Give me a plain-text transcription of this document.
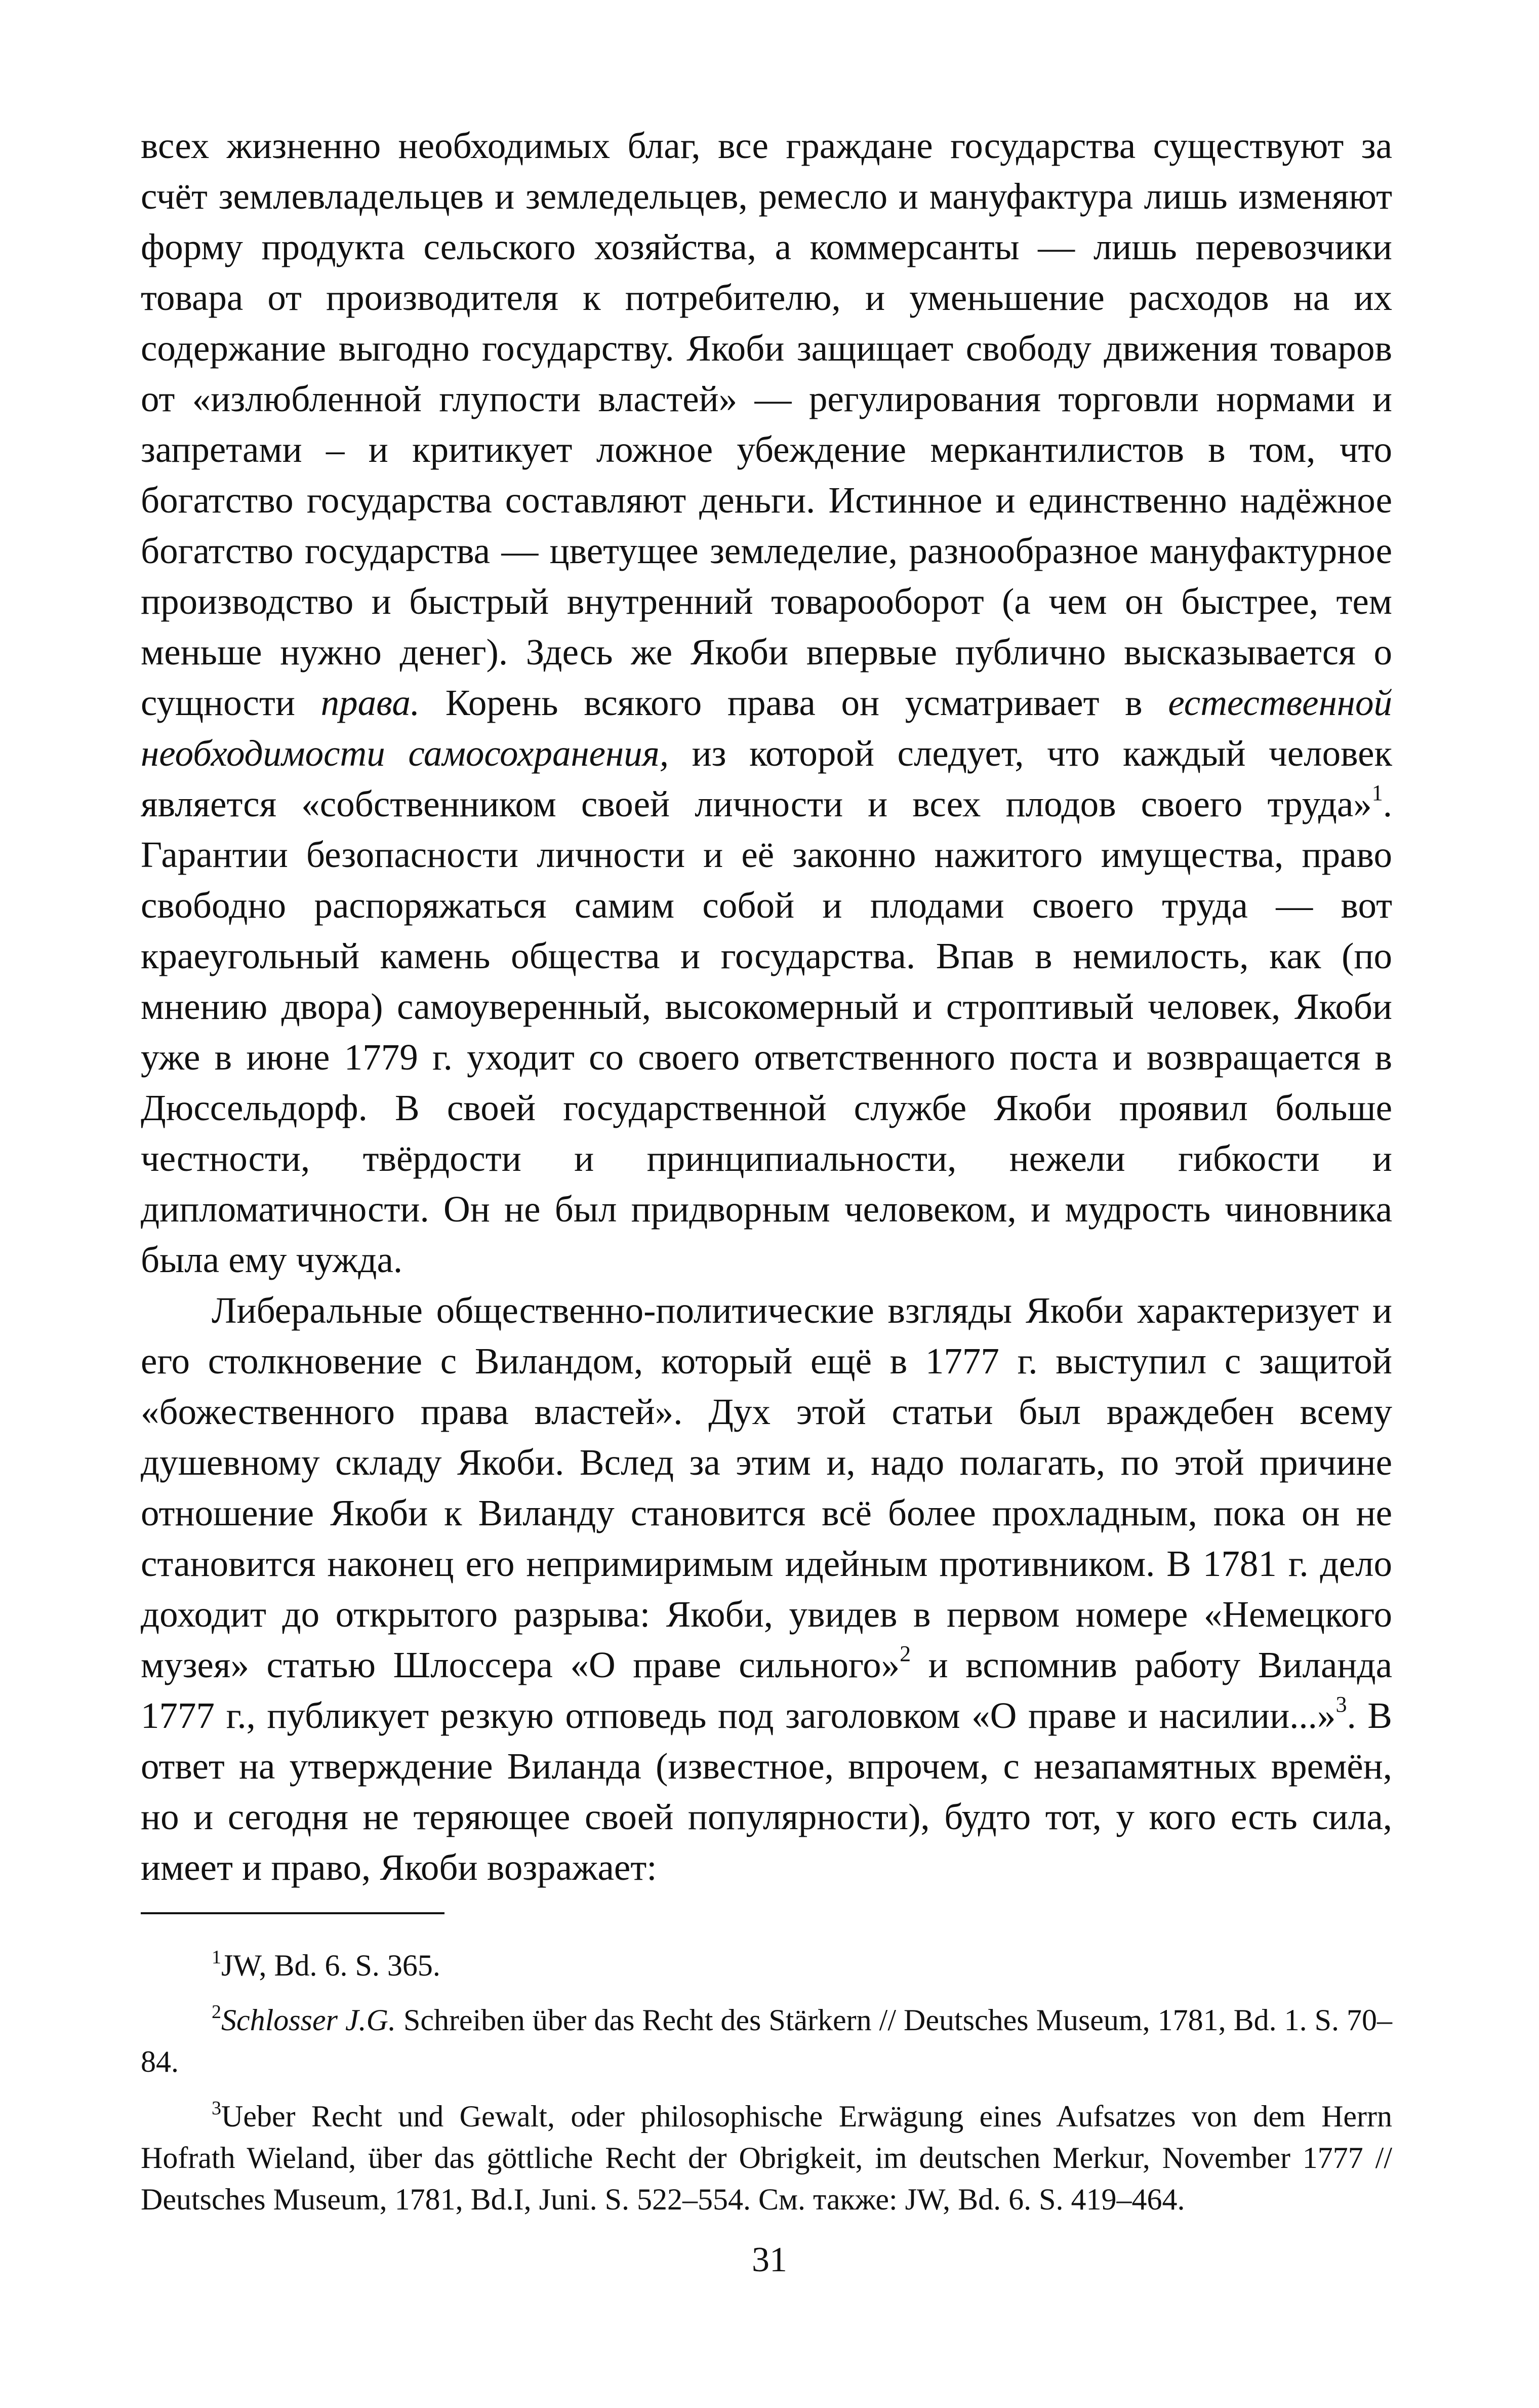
всех жизненно необходимых благ, все граждане государства существуют за счёт землевладельцев и земледельцев, ремесло и мануфактура лишь изменяют форму продукта сельского хозяйства, а коммерсанты — лишь перевозчики товара от производителя к потребителю, и уменьшение расходов на их содержание выгодно государству. Якоби защищает свободу движения товаров от «излюбленной глупости властей» — регулирования торговли нормами и запретами – и критикует ложное убеждение меркантилистов в том, что богатство государства составляют деньги. Истинное и единственно надёжное богатство государства — цветущее земледелие, разнообразное мануфактурное производство и быстрый внутренний товарооборот (а чем он быстрее, тем меньше нужно денег). Здесь же Якоби впервые публично высказывается о сущности права. Корень всякого права он усматривает в естественной необходимости самосохранения, из которой следует, что каждый человек является «собственником своей личности и всех плодов своего труда»$^1$. Гарантии безопасности личности и её законно нажитого имущества, право свободно распоряжаться самим собой и плодами своего труда — вот краеугольный камень общества и государства. Впав в немилость, как (по мнению двора) самоуверенный, высокомерный и строптивый человек, Якоби уже в июне 1779 г. уходит со своего ответственного поста и возвращается в Дюссельдорф. В своей государственной службе Якоби проявил больше честности, твёрдости и принципиальности, нежели гибкости и дипломатичности. Он не был придворным человеком, и мудрость чиновника была ему чужда.

Либеральные общественно-политические взгляды Якоби характеризует и его столкновение с Виландом, который ещё в 1777 г. выступил с защитой «божественного права властей». Дух этой статьи был враждебен всему душевному складу Якоби. Вслед за этим и, надо полагать, по этой причине отношение Якоби к Виланду становится всё более прохладным, пока он не становится наконец его непримиримым идейным противником. В 1781 г. дело доходит до открытого разрыва: Якоби, увидев в первом номере «Немецкого музея» статью Шлоссера «О праве сильного»$^2$ и вспомнив работу Виланда 1777 г., публикует резкую отповедь под заголовком «О праве и насилии...»$^3$. В ответ на утверждение Виланда (известное, впрочем, с незапамятных времён, но и сегодня не теряющее своей популярности), будто тот, у кого есть сила, имеет и право, Якоби возражает:

$^1$JW, Bd. 6. S. 365.

$^2$Schlosser J.G. Schreiben über das Recht des Stärkern // Deutsches Museum, 1781, Bd. 1. S. 70–84.

$^3$Ueber Recht und Gewalt, oder philosophische Erwägung eines Aufsatzes von dem Herrn Hofrath Wieland, über das göttliche Recht der Obrigkeit, im deutschen Merkur, November 1777 // Deutsches Museum, 1781, Bd.I, Juni. S. 522–554. См. также: JW, Bd. 6. S. 419–464.

31
